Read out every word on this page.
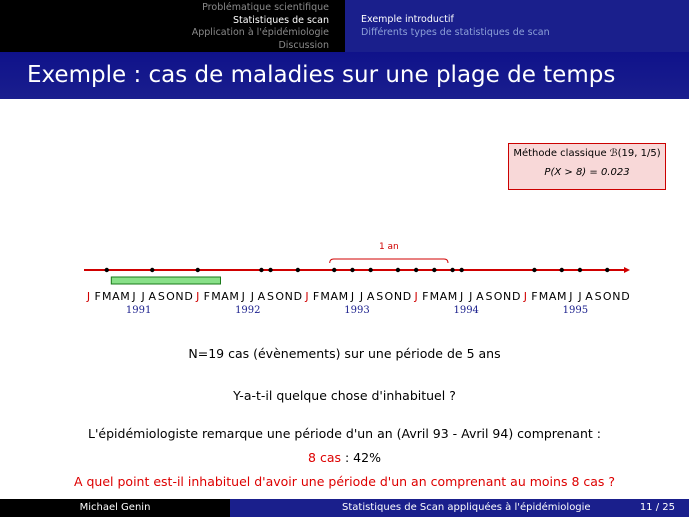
Problématique scientifique
Statistiques de scan
Application à l'épidémiologie
Discussion
Exemple introductif
Différents types de statistiques de scan
Exemple : cas de maladies sur une plage de temps
Méthode classique ℬ(19, 1/5)
P(X > 8) = 0.023
1 an
J F M A M J J A S O N D
1991
J F M A M J J A S O N D
1992
J F M A M J J A S O N D
1993
J F M A M J J A S O N D
1994
J F M A M J J A S O N D
1995
N=19 cas (évènements) sur une période de 5 ans
Y-a-t-il quelque chose d'inhabituel ?
L'épidémiologiste remarque une période d'un an (Avril 93 - Avril 94) comprenant :
8 cas : 42%
A quel point est-il inhabituel d'avoir une période d'un an comprenant au moins 8 cas ?
Michael Genin	Statistiques de Scan appliquées à l'épidémiologie	11 / 25
